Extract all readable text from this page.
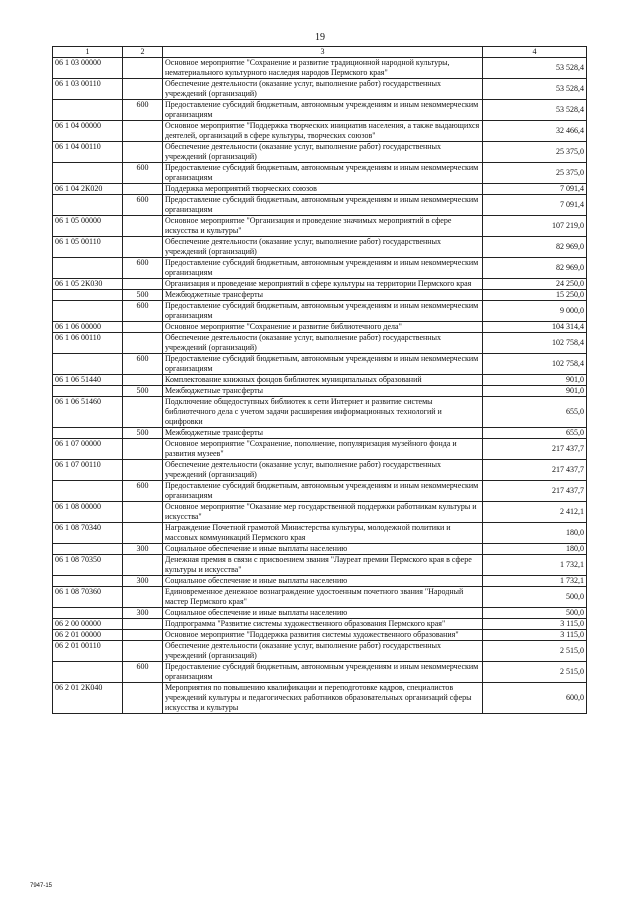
19
1	2	3	4
06 1 03 00000		Основное мероприятие "Сохранение и развитие традиционной народной культуры, нематериального культурного наследия народов Пермского края"	53 528,4
06 1 03 00110		Обеспечение деятельности (оказание услуг, выполнение работ) государственных учреждений (организаций)	53 528,4
	600	Предоставление субсидий бюджетным, автономным учреждениям и иным некоммерческим организациям	53 528,4
06 1 04 00000		Основное мероприятие "Поддержка творческих инициатив населения, а также выдающихся деятелей, организаций в сфере культуры, творческих союзов"	32 466,4
06 1 04 00110		Обеспечение деятельности (оказание услуг, выполнение работ) государственных учреждений (организаций)	25 375,0
	600	Предоставление субсидий бюджетным, автономным учреждениям и иным некоммерческим организациям	25 375,0
06 1 04 2К020		Поддержка мероприятий творческих союзов	7 091,4
	600	Предоставление субсидий бюджетным, автономным учреждениям и иным некоммерческим организациям	7 091,4
06 1 05 00000		Основное мероприятие "Организация и проведение значимых мероприятий в сфере искусства и культуры"	107 219,0
06 1 05 00110		Обеспечение деятельности (оказание услуг, выполнение работ) государственных учреждений (организаций)	82 969,0
	600	Предоставление субсидий бюджетным, автономным учреждениям и иным некоммерческим организациям	82 969,0
06 1 05 2К030		Организация и проведение мероприятий в сфере культуры на территории Пермского края	24 250,0
	500	Межбюджетные трансферты	15 250,0
	600	Предоставление субсидий бюджетным, автономным учреждениям и иным некоммерческим организациям	9 000,0
06 1 06 00000		Основное мероприятие "Сохранение и развитие библиотечного дела"	104 314,4
06 1 06 00110		Обеспечение деятельности (оказание услуг, выполнение работ) государственных учреждений (организаций)	102 758,4
	600	Предоставление субсидий бюджетным, автономным учреждениям и иным некоммерческим организациям	102 758,4
06 1 06 51440		Комплектование книжных фондов библиотек муниципальных образований	901,0
	500	Межбюджетные трансферты	901,0
06 1 06 51460		Подключение общедоступных библиотек к сети Интернет и развитие системы библиотечного дела с учетом задачи расширения информационных технологий и оцифровки	655,0
	500	Межбюджетные трансферты	655,0
06 1 07 00000		Основное мероприятие "Сохранение, пополнение, популяризация музейного фонда и развития музеев"	217 437,7
06 1 07 00110		Обеспечение деятельности (оказание услуг, выполнение работ) государственных учреждений (организаций)	217 437,7
	600	Предоставление субсидий бюджетным, автономным учреждениям и иным некоммерческим организациям	217 437,7
06 1 08 00000		Основное мероприятие "Оказание мер государственной поддержки работникам культуры и искусства"	2 412,1
06 1 08 70340		Награждение Почетной грамотой Министерства культуры, молодежной политики и массовых коммуникаций Пермского края	180,0
	300	Социальное обеспечение и иные выплаты населению	180,0
06 1 08 70350		Денежная премия в связи с присвоением звания "Лауреат премии Пермского края в сфере культуры и искусства"	1 732,1
	300	Социальное обеспечение и иные выплаты населению	1 732,1
06 1 08 70360		Единовременное денежное вознаграждение удостоенным почетного звания "Народный мастер Пермского края"	500,0
	300	Социальное обеспечение и иные выплаты населению	500,0
06 2 00 00000		Подпрограмма "Развитие системы художественного образования Пермского края"	3 115,0
06 2 01 00000		Основное мероприятие "Поддержка развития системы художественного образования"	3 115,0
06 2 01 00110		Обеспечение деятельности (оказание услуг, выполнение работ) государственных учреждений (организаций)	2 515,0
	600	Предоставление субсидий бюджетным, автономным учреждениям и иным некоммерческим организациям	2 515,0
06 2 01 2К040		Мероприятия по повышению квалификации и переподготовке кадров, специалистов учреждений культуры и педагогических работников образовательных организаций сферы искусства и культуры	600,0
7947-15
